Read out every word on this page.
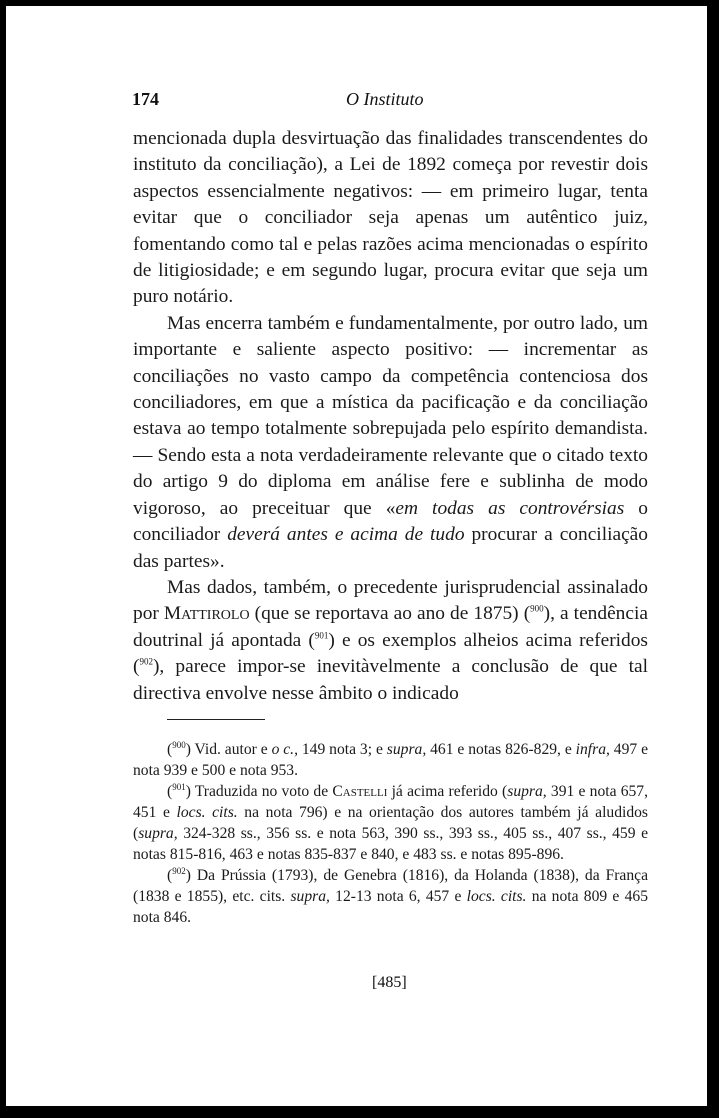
174	O Instituto

mencionada dupla desvirtuação das finalidades transcendentes do instituto da conciliação), a Lei de 1892 começa por revestir dois aspectos essencialmente negativos: — em primeiro lugar, tenta evitar que o conciliador seja apenas um autêntico juiz, fomentando como tal e pelas razões acima mencionadas o espírito de litigiosidade; e em segundo lugar, procura evitar que seja um puro notário.

Mas encerra também e fundamentalmente, por outro lado, um importante e saliente aspecto positivo: — incrementar as conciliações no vasto campo da competência contenciosa dos conciliadores, em que a mística da pacificação e da conciliação estava ao tempo totalmente sobrepujada pelo espírito demandista. — Sendo esta a nota verdadeiramente relevante que o citado texto do artigo 9 do diploma em análise fere e sublinha de modo vigoroso, ao preceituar que «em todas as controvérsias o conciliador deverá antes e acima de tudo procurar a conciliação das partes».

Mas dados, também, o precedente jurisprudencial assinalado por Mattirolo (que se reportava ao ano de 1875) ($^{900}$), a tendência doutrinal já apontada ($^{901}$) e os exemplos alheios acima referidos ($^{902}$), parece impor-se inevitàvelmente a conclusão de que tal directiva envolve nesse âmbito o indicado

($^{900}$) Vid. autor e o c., 149 nota 3; e supra, 461 e notas 826-829, e infra, 497 e nota 939 e 500 e nota 953.

($^{901}$) Traduzida no voto de Castelli já acima referido (supra, 391 e nota 657, 451 e locs. cits. na nota 796) e na orientação dos autores também já aludidos (supra, 324-328 ss., 356 ss. e nota 563, 390 ss., 393 ss., 405 ss., 407 ss., 459 e notas 815-816, 463 e notas 835-837 e 840, e 483 ss. e notas 895-896.

($^{902}$) Da Prússia (1793), de Genebra (1816), da Holanda (1838), da França (1838 e 1855), etc. cits. supra, 12-13 nota 6, 457 e locs. cits. na nota 809 e 465 nota 846.

[485]
